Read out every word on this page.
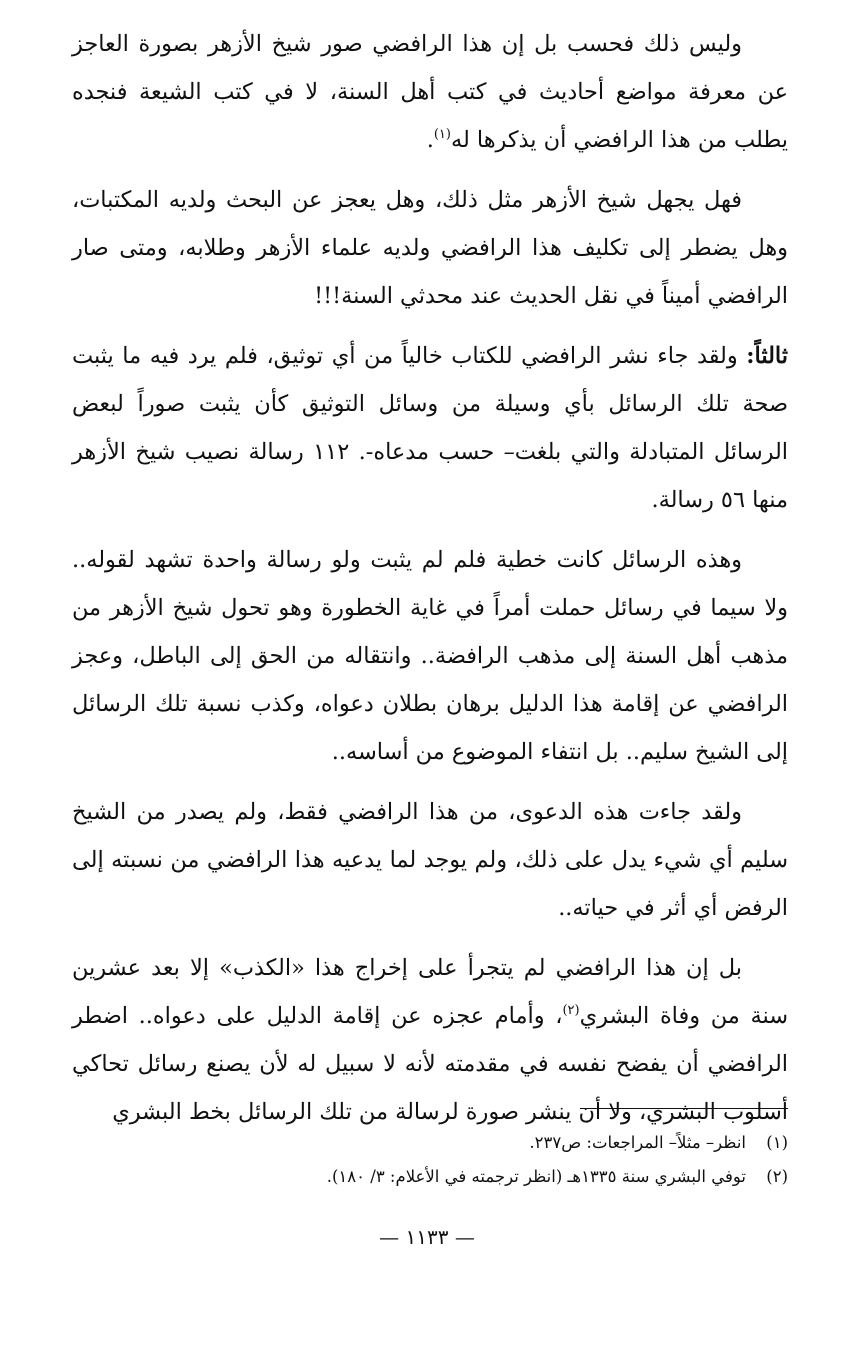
وليس ذلك فحسب بل إن هذا الرافضي صور شيخ الأزهر بصورة العاجز عن معرفة مواضع أحاديث في كتب أهل السنة، لا في كتب الشيعة فنجده يطلب من هذا الرافضي أن يذكرها له$^{(١)}$.

فهل يجهل شيخ الأزهر مثل ذلك، وهل يعجز عن البحث ولديه المكتبات، وهل يضطر إلى تكليف هذا الرافضي ولديه علماء الأزهر وطلابه، ومتى صار الرافضي أميناً في نقل الحديث عند محدثي السنة!!!

ثالثاً: ولقد جاء نشر الرافضي للكتاب خالياً من أي توثيق، فلم يرد فيه ما يثبت صحة تلك الرسائل بأي وسيلة من وسائل التوثيق كأن يثبت صوراً لبعض الرسائل المتبادلة والتي بلغت– حسب مدعاه-. ١١٢ رسالة نصيب شيخ الأزهر منها ٥٦ رسالة.

وهذه الرسائل كانت خطية فلم لم يثبت ولو رسالة واحدة تشهد لقوله.. ولا سيما في رسائل حملت أمراً في غاية الخطورة وهو تحول شيخ الأزهر من مذهب أهل السنة إلى مذهب الرافضة.. وانتقاله من الحق إلى الباطل، وعجز الرافضي عن إقامة هذا الدليل برهان بطلان دعواه، وكذب نسبة تلك الرسائل إلى الشيخ سليم.. بل انتفاء الموضوع من أساسه..

ولقد جاءت هذه الدعوى، من هذا الرافضي فقط، ولم يصدر من الشيخ سليم أي شيء يدل على ذلك، ولم يوجد لما يدعيه هذا الرافضي من نسبته إلى الرفض أي أثر في حياته..

بل إن هذا الرافضي لم يتجرأ على إخراج هذا «الكذب» إلا بعد عشرين سنة من وفاة البشري$^{(٢)}$، وأمام عجزه عن إقامة الدليل على دعواه.. اضطر الرافضي أن يفضح نفسه في مقدمته لأنه لا سبيل له لأن يصنع رسائل تحاكي أسلوب البشري، ولا أن ينشر صورة لرسالة من تلك الرسائل بخط البشري

(١)انظر– مثلاً– المراجعات: ص٢٣٧.

(٢)توفي البشري سنة ١٣٣٥هـ (انظر ترجمته في الأعلام: ٣/ ١٨٠).

— ١١٣٣ —
